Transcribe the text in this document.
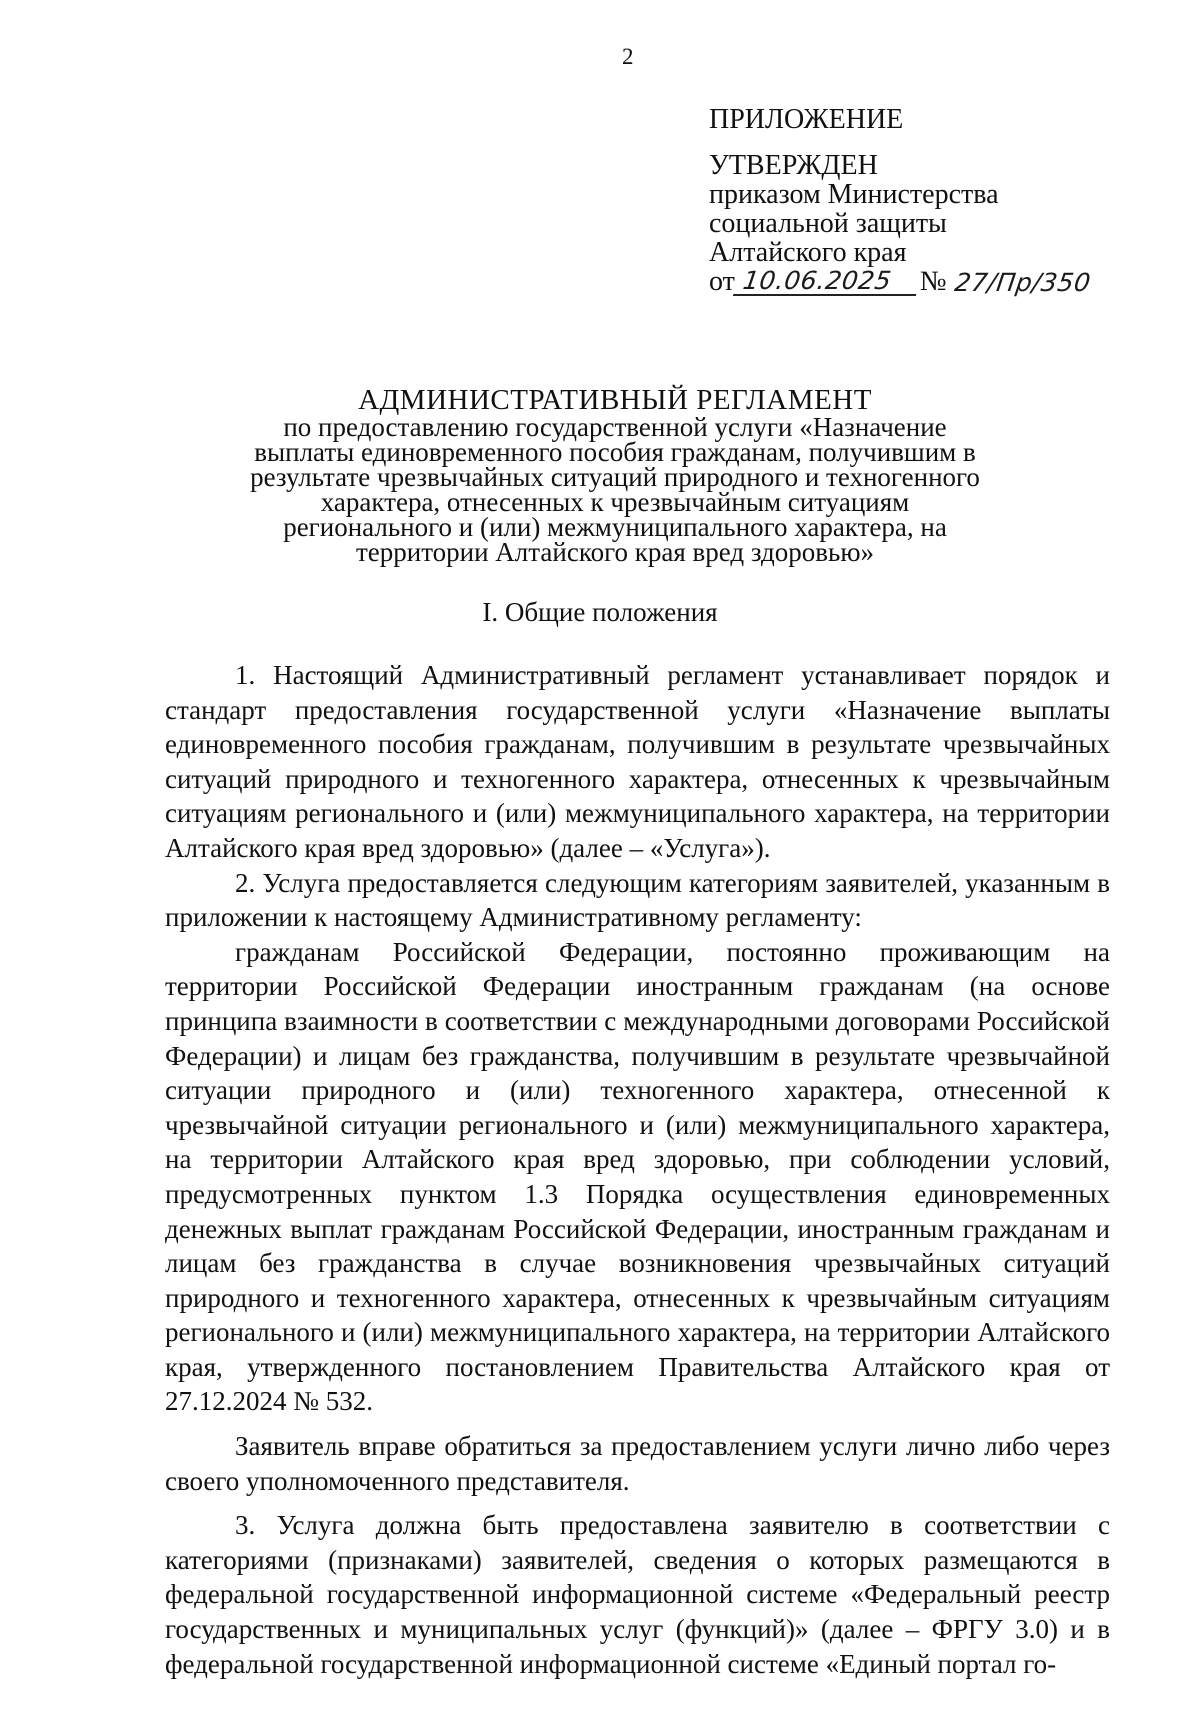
2
ПРИЛОЖЕНИЕ
УТВЕРЖДЕН
приказом Министерства
социальной защиты
Алтайского края
от 10.06.2025 № 27/Пр/350
АДМИНИСТРАТИВНЫЙ РЕГЛАМЕНТ
по предоставлению государственной услуги «Назначение выплаты единовременного пособия гражданам, получившим в результате чрезвычайных ситуаций природного и техногенного характера, отнесенных к чрезвычайным ситуациям регионального и (или) межмуниципального характера, на территории Алтайского края вред здоровью»
I. Общие положения

1. Настоящий Административный регламент устанавливает порядок и стандарт предоставления государственной услуги «Назначение выплаты единовременного пособия гражданам, получившим в результате чрезвычайных ситуаций природного и техногенного характера, отнесенных к чрезвычайным ситуациям регионального и (или) межмуниципального характера, на территории Алтайского края вред здоровью» (далее – «Услуга»).

2. Услуга предоставляется следующим категориям заявителей, указанным в приложении к настоящему Административному регламенту:

гражданам Российской Федерации, постоянно проживающим на территории Российской Федерации иностранным гражданам (на основе принципа взаимности в соответствии с международными договорами Российской Федерации) и лицам без гражданства, получившим в результате чрезвычайной ситуации природного и (или) техногенного характера, отнесенной к чрезвычайной ситуации регионального и (или) межмуниципального характера, на территории Алтайского края вред здоровью, при соблюдении условий, предусмотренных пунктом 1.3 Порядка осуществления единовременных денежных выплат гражданам Российской Федерации, иностранным гражданам и лицам без гражданства в случае возникновения чрезвычайных ситуаций природного и техногенного характера, отнесенных к чрезвычайным ситуациям регионального и (или) межмуниципального характера, на территории Алтайского края, утвержденного постановлением Правительства Алтайского края от 27.12.2024 № 532.

Заявитель вправе обратиться за предоставлением услуги лично либо через своего уполномоченного представителя.

3. Услуга должна быть предоставлена заявителю в соответствии с категориями (признаками) заявителей, сведения о которых размещаются в федеральной государственной информационной системе «Федеральный реестр государственных и муниципальных услуг (функций)» (далее – ФРГУ 3.0) и в федеральной государственной информационной системе «Единый портал го-
